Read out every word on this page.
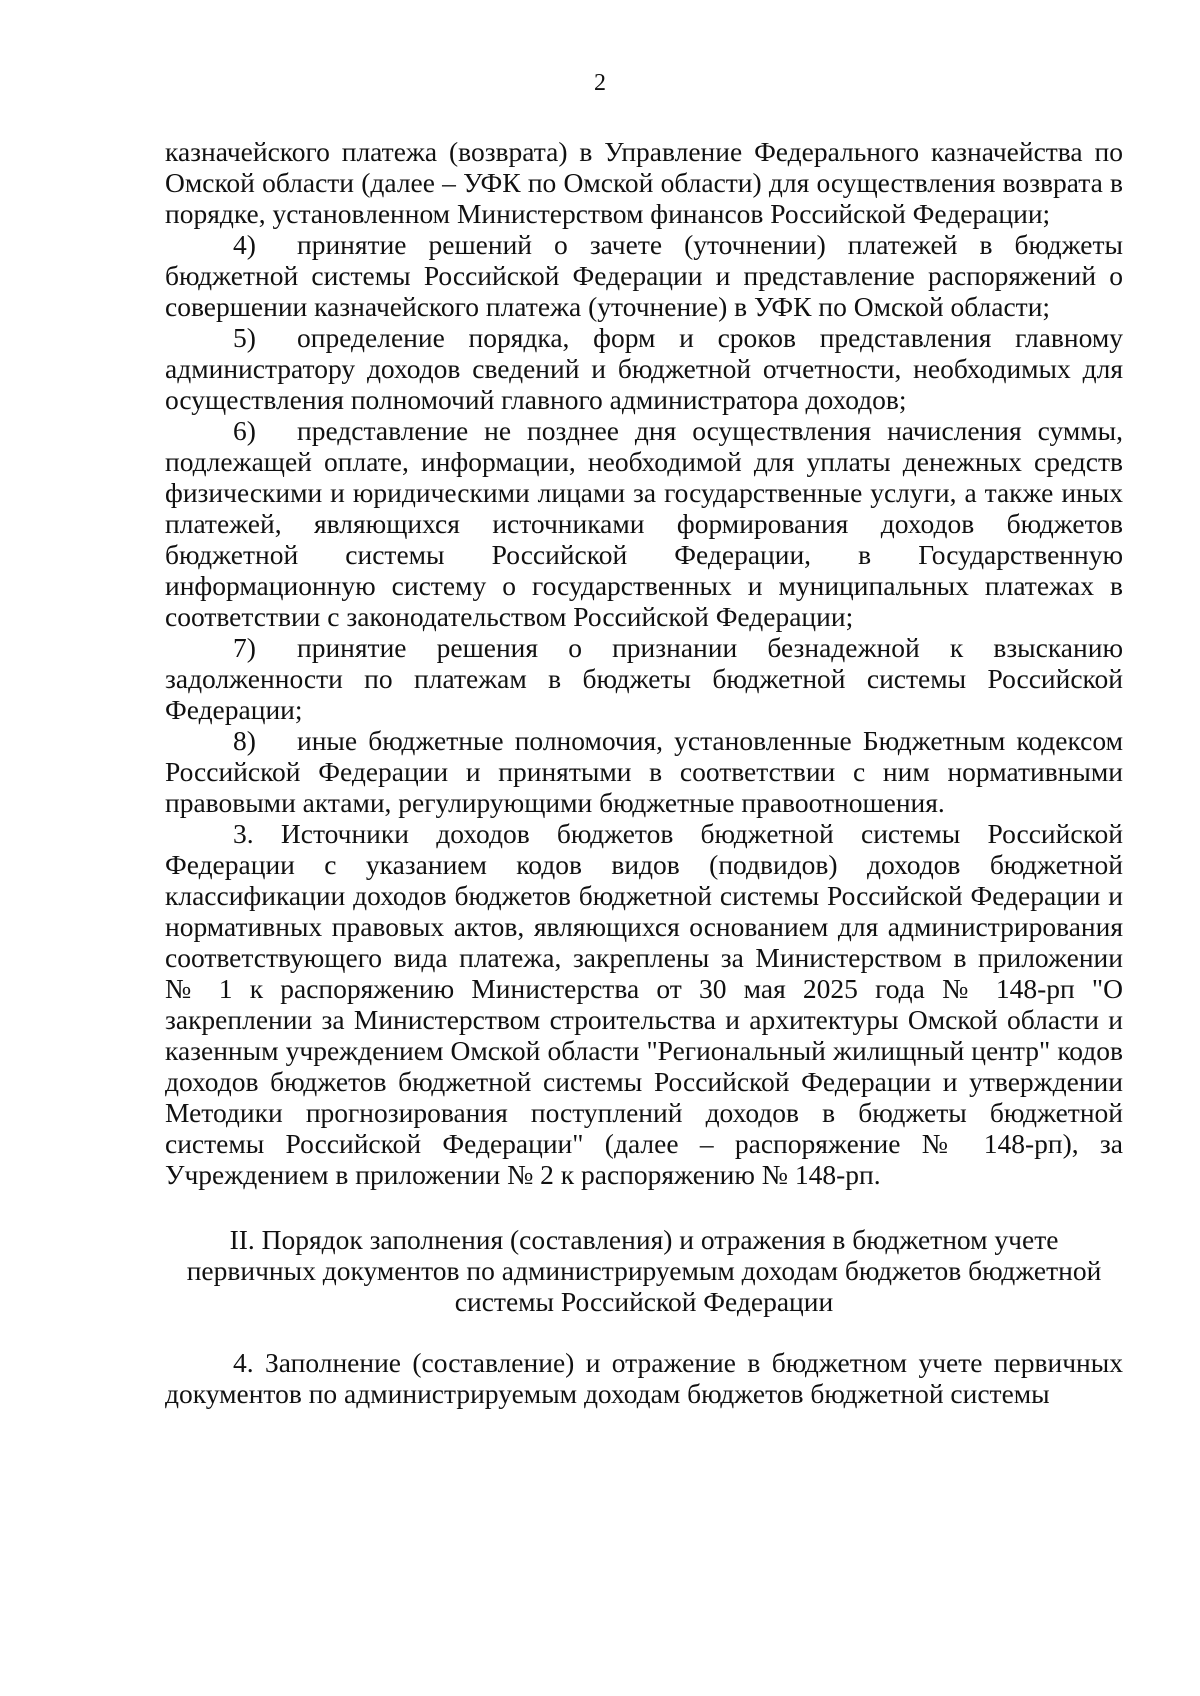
2

казначейского платежа (возврата) в Управление Федерального казначейства по Омской области (далее – УФК по Омской области) для осуществления возврата в порядке, установленном Министерством финансов Российской Федерации;

4) принятие решений о зачете (уточнении) платежей в бюджеты бюджетной системы Российской Федерации и представление распоряжений о совершении казначейского платежа (уточнение) в УФК по Омской области;

5) определение порядка, форм и сроков представления главному администратору доходов сведений и бюджетной отчетности, необходимых для осуществления полномочий главного администратора доходов;

6) представление не позднее дня осуществления начисления суммы, подлежащей оплате, информации, необходимой для уплаты денежных средств физическими и юридическими лицами за государственные услуги, а также иных платежей, являющихся источниками формирования доходов бюджетов бюджетной системы Российской Федерации, в Государственную информационную систему о государственных и муниципальных платежах в соответствии с законодательством Российской Федерации;

7) принятие решения о признании безнадежной к взысканию задолженности по платежам в бюджеты бюджетной системы Российской Федерации;

8) иные бюджетные полномочия, установленные Бюджетным кодексом Российской Федерации и принятыми в соответствии с ним нормативными правовыми актами, регулирующими бюджетные правоотношения.

3. Источники доходов бюджетов бюджетной системы Российской Федерации с указанием кодов видов (подвидов) доходов бюджетной классификации доходов бюджетов бюджетной системы Российской Федерации и нормативных правовых актов, являющихся основанием для администрирования соответствующего вида платежа, закреплены за Министерством в приложении № 1 к распоряжению Министерства от 30 мая 2025 года № 148-рп "О закреплении за Министерством строительства и архитектуры Омской области и казенным учреждением Омской области "Региональный жилищный центр" кодов доходов бюджетов бюджетной системы Российской Федерации и утверждении Методики прогнозирования поступлений доходов в бюджеты бюджетной системы Российской Федерации" (далее – распоряжение № 148-рп), за Учреждением в приложении № 2 к распоряжению № 148-рп.

II. Порядок заполнения (составления) и отражения в бюджетном учете
первичных документов по администрируемым доходам бюджетов бюджетной
системы Российской Федерации

4. Заполнение (составление) и отражение в бюджетном учете первичных документов по администрируемым доходам бюджетов бюджетной системы
